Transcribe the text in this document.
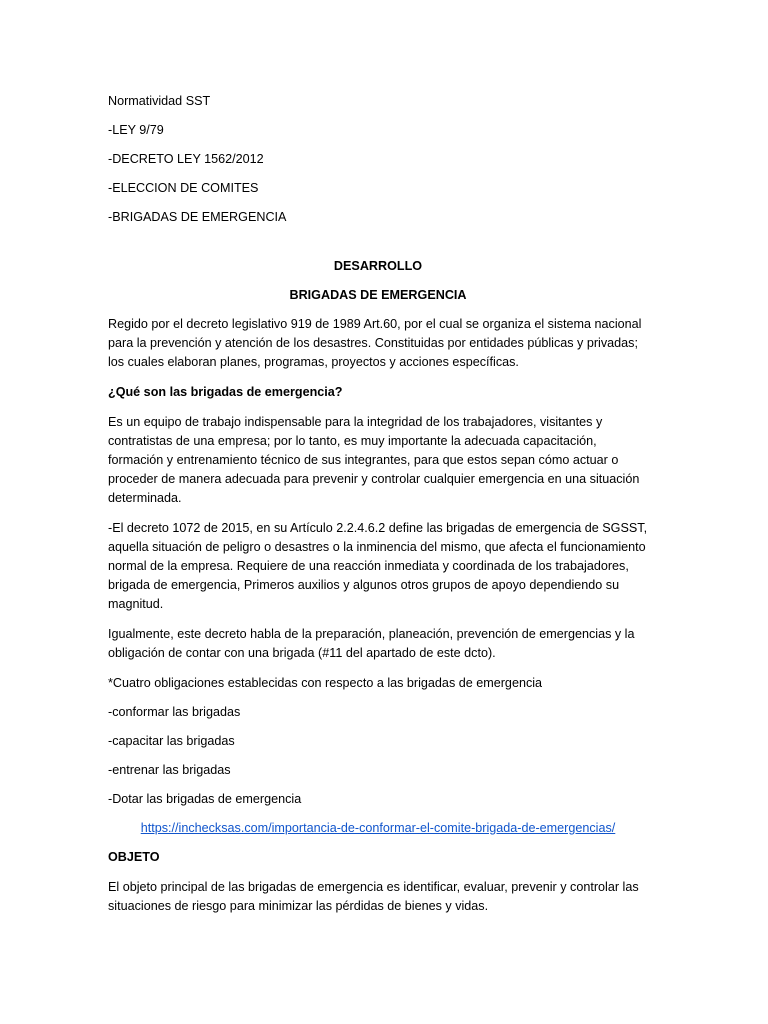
Normatividad SST

-LEY 9/79

-DECRETO LEY 1562/2012

-ELECCION DE COMITES

-BRIGADAS DE EMERGENCIA

DESARROLLO

BRIGADAS DE EMERGENCIA

Regido por el decreto legislativo 919 de 1989 Art.60, por el cual se organiza el sistema nacional para la prevención y atención de los desastres. Constituidas por entidades públicas y privadas; los cuales elaboran planes, programas, proyectos y acciones específicas.

¿Qué son las brigadas de emergencia?

Es un equipo de trabajo indispensable para la integridad de los trabajadores, visitantes y contratistas de una empresa; por lo tanto, es muy importante la adecuada capacitación, formación y entrenamiento técnico de sus integrantes, para que estos sepan cómo actuar o proceder de manera adecuada para prevenir y controlar cualquier emergencia en una situación determinada.

-El decreto 1072 de 2015, en su Artículo 2.2.4.6.2 define las brigadas de emergencia de SGSST, aquella situación de peligro o desastres o la inminencia del mismo, que afecta el funcionamiento normal de la empresa. Requiere de una reacción inmediata y coordinada de los trabajadores, brigada de emergencia, Primeros auxilios y algunos otros grupos de apoyo dependiendo su magnitud.

Igualmente, este decreto habla de la preparación, planeación, prevención de emergencias y la obligación de contar con una brigada (#11 del apartado de este dcto).

*Cuatro obligaciones establecidas con respecto a las brigadas de emergencia

-conformar las brigadas

-capacitar las brigadas

-entrenar las brigadas

-Dotar las brigadas de emergencia

https://inchecksas.com/importancia-de-conformar-el-comite-brigada-de-emergencias/

OBJETO

El objeto principal de las brigadas de emergencia es identificar, evaluar, prevenir y controlar las situaciones de riesgo para minimizar las pérdidas de bienes y vidas.
